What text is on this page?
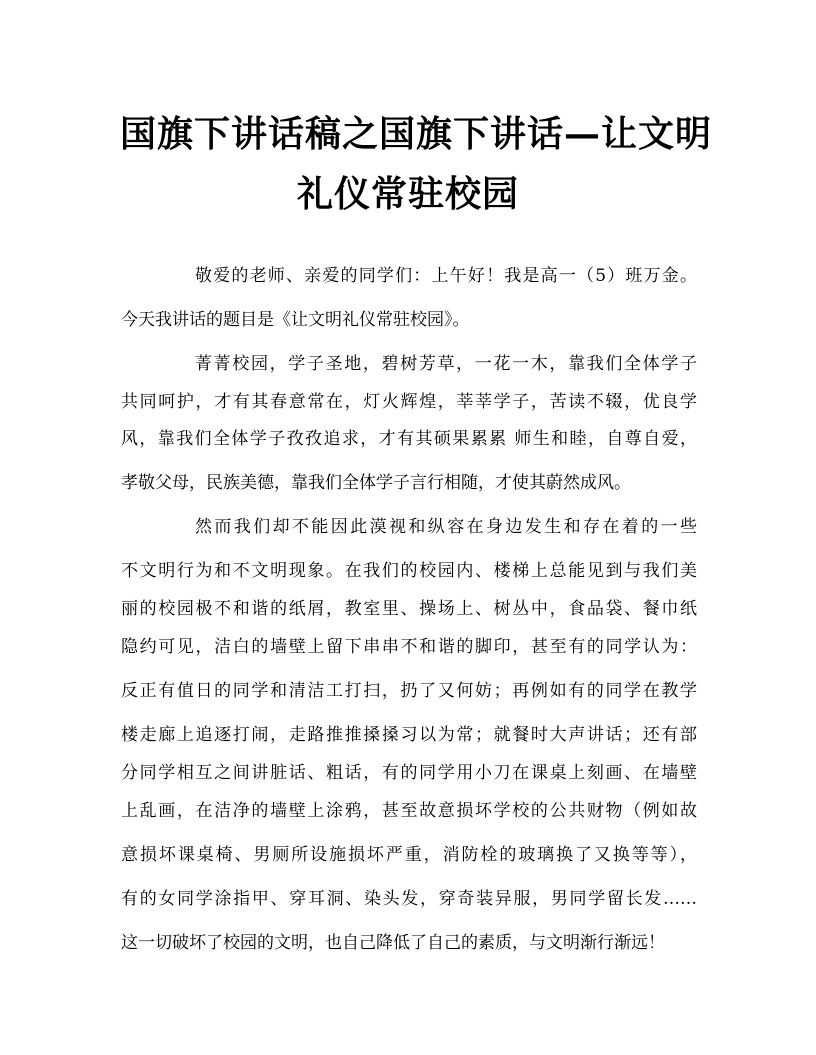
国旗下讲话稿之国旗下讲话—让文明
礼仪常驻校园
敬爱的老师、亲爱的同学们：上午好！我是高一（5）班万金。
今天我讲话的题目是《让文明礼仪常驻校园》。
菁菁校园，学子圣地，碧树芳草，一花一木，靠我们全体学子
共同呵护，才有其春意常在，灯火辉煌，莘莘学子，苦读不辍，优良学
风，靠我们全体学子孜孜追求，才有其硕果累累 师生和睦，自尊自爱，
孝敬父母，民族美德，靠我们全体学子言行相随，才使其蔚然成风。
然而我们却不能因此漠视和纵容在身边发生和存在着的一些
不文明行为和不文明现象。在我们的校园内、楼梯上总能见到与我们美
丽的校园极不和谐的纸屑，教室里、操场上、树丛中，食品袋、餐巾纸
隐约可见，洁白的墙壁上留下串串不和谐的脚印，甚至有的同学认为：
反正有值日的同学和清洁工打扫，扔了又何妨；再例如有的同学在教学
楼走廊上追逐打闹，走路推推搡搡习以为常；就餐时大声讲话；还有部
分同学相互之间讲脏话、粗话，有的同学用小刀在课桌上刻画、在墙壁
上乱画，在洁净的墙壁上涂鸦，甚至故意损坏学校的公共财物（例如故
意损坏课桌椅、男厕所设施损坏严重，消防栓的玻璃换了又换等等），
有的女同学涂指甲、穿耳洞、染头发，穿奇装异服，男同学留长发……
这一切破坏了校园的文明，也自己降低了自己的素质，与文明渐行渐远！
